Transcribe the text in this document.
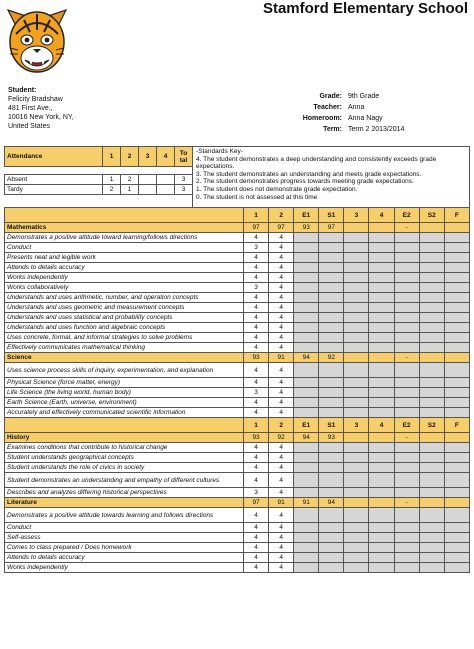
Stamford Elementary School
Student:
Felicity Bradshaw
481 First Ave.,
10016 New York, NY,
United States
Grade: 9th Grade
Teacher: Anna
Homeroom: Anna Nagy
Term: Term 2 2013/2014
Attendance	1	2	3	4	To
tal

Absent	1	2			3
Tardy	2	1			3
-Standards Key-
4. The student demonstrates a deep understanding and consistently exceeds grade expectations.
3. The student demonstrates an understanding and meets grade expectations.
2. The student demonstrates progress towards meeting grade expectations.
1. The student does not demonstrate grade expectation.
0. The student is not assessed at this time
	1	2	E1	S1	3	4	E2	S2	F
Mathematics	97	97	93	97			-		
Demonstrates a positive attitude toward learning/follows directions	4	4							
Conduct	3	4							
Presents neat and legible work	4	4							
Attends to details accuracy	4	4							
Works independently	4	4							
Works collaboratively	3	4							
Understands and uses arithmetic, number, and operation concepts	4	4							
Understands and uses geometric and measurement concepts	4	4							
Understands and uses statistical and probability concepts	4	4							
Understands and uses function and algebraic concepts	4	4							
Uses concrete, formal, and informal strategies to solve problems	4	4							
Effectively communicates mathematical thinking	4	4							
Science	93	91	94	92			-		
Uses science process skills of inquiry, experimentation, and explanation	4	4							
Physical Science (force matter, energy)	4	4							
Life Science (the living world, human body)	3	4							
Earth Science (Earth, universe, environment)	4	4							
Accurately and effectively communicated scientific information	4	4							
	1	2	E1	S1	3	4	E2	S2	F
History	93	92	94	93			-		
Examines conditions that contribute to historical change	4	4							
Student understands geographical concepts	4	4							
Student understands the role of civics in society	4	4							
Student demonstrates an understanding and empathy of different cultures	4	4							
Describes and analyzes differing historical perspectives	3	4							
Literature	97	91	91	94			-		
Demonstrates a positive attitude towards learning and follows directions	4	4							
Conduct	4	4							
Self-assess	4	4							
Comes to class prepared / Does homework	4	4							
Attends to details accuracy	4	4							
Works independently	4	4							
